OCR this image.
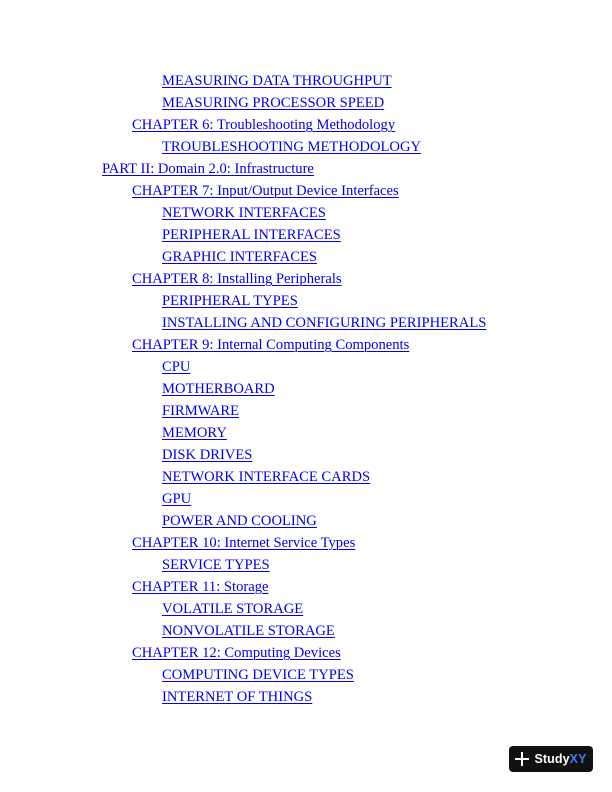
MEASURING DATA THROUGHPUT
MEASURING PROCESSOR SPEED
CHAPTER 6: Troubleshooting Methodology
TROUBLESHOOTING METHODOLOGY
PART II: Domain 2.0: Infrastructure
CHAPTER 7: Input/Output Device Interfaces
NETWORK INTERFACES
PERIPHERAL INTERFACES
GRAPHIC INTERFACES
CHAPTER 8: Installing Peripherals
PERIPHERAL TYPES
INSTALLING AND CONFIGURING PERIPHERALS
CHAPTER 9: Internal Computing Components
CPU
MOTHERBOARD
FIRMWARE
MEMORY
DISK DRIVES
NETWORK INTERFACE CARDS
GPU
POWER AND COOLING
CHAPTER 10: Internet Service Types
SERVICE TYPES
CHAPTER 11: Storage
VOLATILE STORAGE
NONVOLATILE STORAGE
CHAPTER 12: Computing Devices
COMPUTING DEVICE TYPES
INTERNET OF THINGS
StudyXY
